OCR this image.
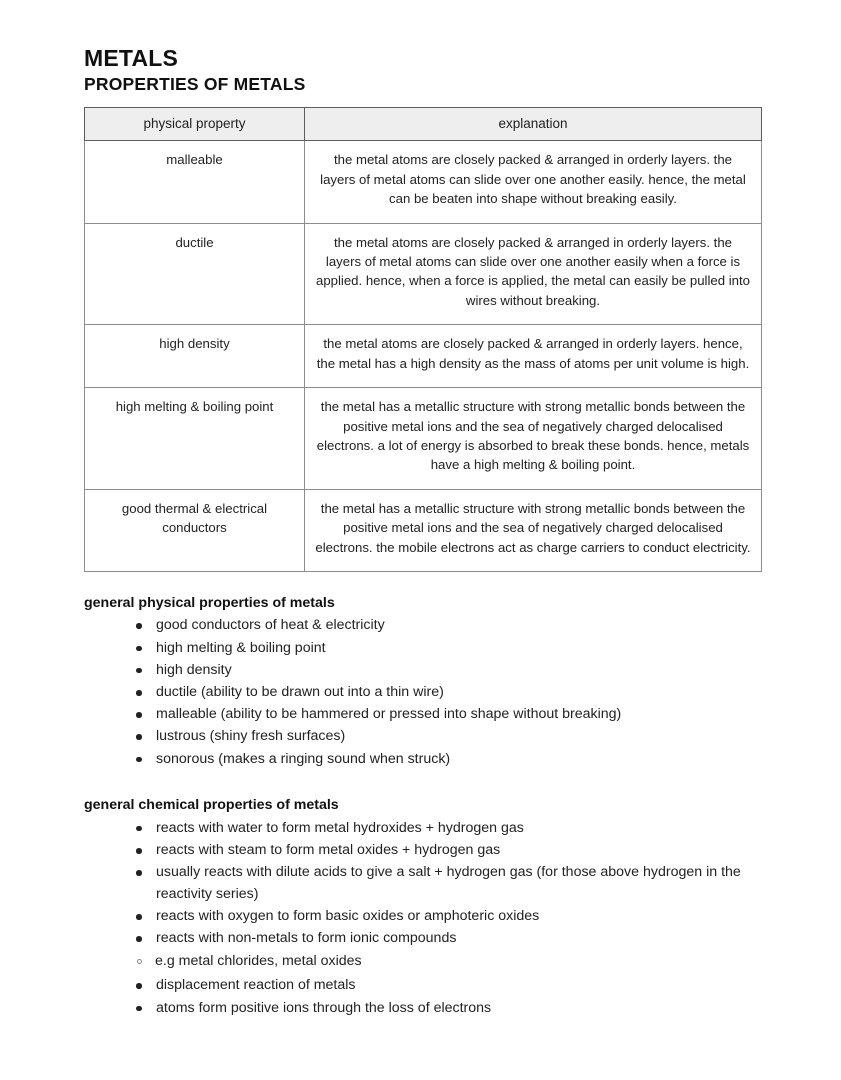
METALS
PROPERTIES OF METALS
physical property	explanation
malleable	the metal atoms are closely packed & arranged in orderly layers. the layers of metal atoms can slide over one another easily. hence, the metal can be beaten into shape without breaking easily.
ductile	the metal atoms are closely packed & arranged in orderly layers. the layers of metal atoms can slide over one another easily when a force is applied. hence, when a force is applied, the metal can easily be pulled into wires without breaking.
high density	the metal atoms are closely packed & arranged in orderly layers. hence, the metal has a high density as the mass of atoms per unit volume is high.
high melting & boiling point	the metal has a metallic structure with strong metallic bonds between the positive metal ions and the sea of negatively charged delocalised electrons. a lot of energy is absorbed to break these bonds. hence, metals have a high melting & boiling point.
good thermal & electrical conductors	the metal has a metallic structure with strong metallic bonds between the positive metal ions and the sea of negatively charged delocalised electrons. the mobile electrons act as charge carriers to conduct electricity.
general physical properties of metals
good conductors of heat & electricity
high melting & boiling point
high density
ductile (ability to be drawn out into a thin wire)
malleable (ability to be hammered or pressed into shape without breaking)
lustrous (shiny fresh surfaces)
sonorous (makes a ringing sound when struck)
general chemical properties of metals
reacts with water to form metal hydroxides + hydrogen gas
reacts with steam to form metal oxides + hydrogen gas
usually reacts with dilute acids to give a salt + hydrogen gas (for those above hydrogen in the reactivity series)
reacts with oxygen to form basic oxides or amphoteric oxides
reacts with non-metals to form ionic compounds
e.g metal chlorides, metal oxides
displacement reaction of metals
atoms form positive ions through the loss of electrons
